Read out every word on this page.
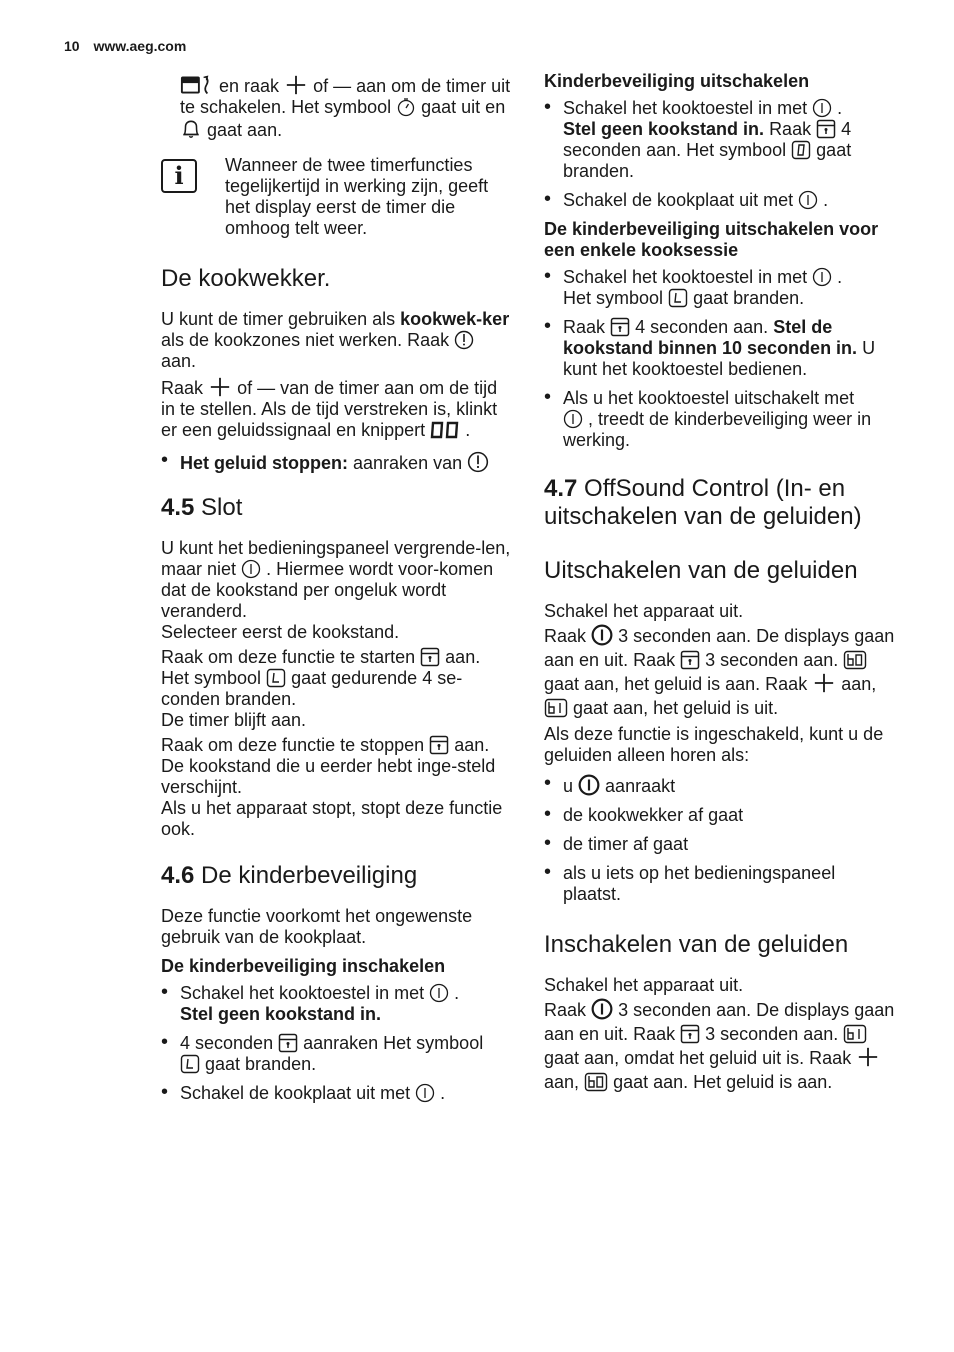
10 www.aeg.com
en raak of — aan om de timer uit te schakelen. Het symbool gaat uit en  gaat aan.
i	Wanneer de twee timerfuncties tegelijkertijd in werking zijn, geeft het display eerst de timer die omhoog telt weer.
De kookwekker.

U kunt de timer gebruiken als kookwek-ker als de kookzones niet werken. Raak  aan.

Raak of — van de timer aan om de tijd in te stellen. Als de tijd verstreken is, klinkt er een geluidssignaal en knippert .

• Het geluid stoppen: aanraken van
4.5 Slot

U kunt het bedieningspaneel vergrende-len, maar niet . Hiermee wordt voor-komen dat de kookstand per ongeluk wordt veranderd.
Selecteer eerst de kookstand.

Raak om deze functie te starten aan.
Het symbool gaat gedurende 4 se-conden branden.
De timer blijft aan.

Raak om deze functie te stoppen aan.
De kookstand die u eerder hebt inge-steld verschijnt.
Als u het apparaat stopt, stopt deze functie ook.

4.6 De kinderbeveiliging

Deze functie voorkomt het ongewenste gebruik van de kookplaat.

De kinderbeveiliging inschakelen
• Schakel het kooktoestel in met .
Stel geen kookstand in.
• 4 seconden aanraken Het symbool
gaat branden.
• Schakel de kookplaat uit met .
Kinderbeveiliging uitschakelen
• Schakel het kooktoestel in met .
Stel geen kookstand in. Raak 4 seconden aan. Het symbool gaat branden.
• Schakel de kookplaat uit met .
De kinderbeveiliging uitschakelen voor een enkele kooksessie
• Schakel het kooktoestel in met .
Het symbool gaat branden.
• Raak 4 seconden aan. Stel de kookstand binnen 10 seconden in. U kunt het kooktoestel bedienen.
• Als u het kooktoestel uitschakelt met
, treedt de kinderbeveiliging weer in werking.
4.7 OffSound Control (In- en uitschakelen van de geluiden)
Uitschakelen van de geluiden

Schakel het apparaat uit.

Raak 3 seconden aan. De displays gaan aan en uit. Raak 3 seconden aan.  gaat aan, het geluid is aan. Raak aan,  gaat aan, het geluid is uit.

Als deze functie is ingeschakeld, kunt u de geluiden alleen horen als:

• u aanraakt
• de kookwekker af gaat
• de timer af gaat
• als u iets op het bedieningspaneel plaatst.
Inschakelen van de geluiden

Schakel het apparaat uit.

Raak 3 seconden aan. De displays gaan aan en uit. Raak 3 seconden aan.  gaat aan, omdat het geluid uit is. Raak  aan, gaat aan. Het geluid is aan.
